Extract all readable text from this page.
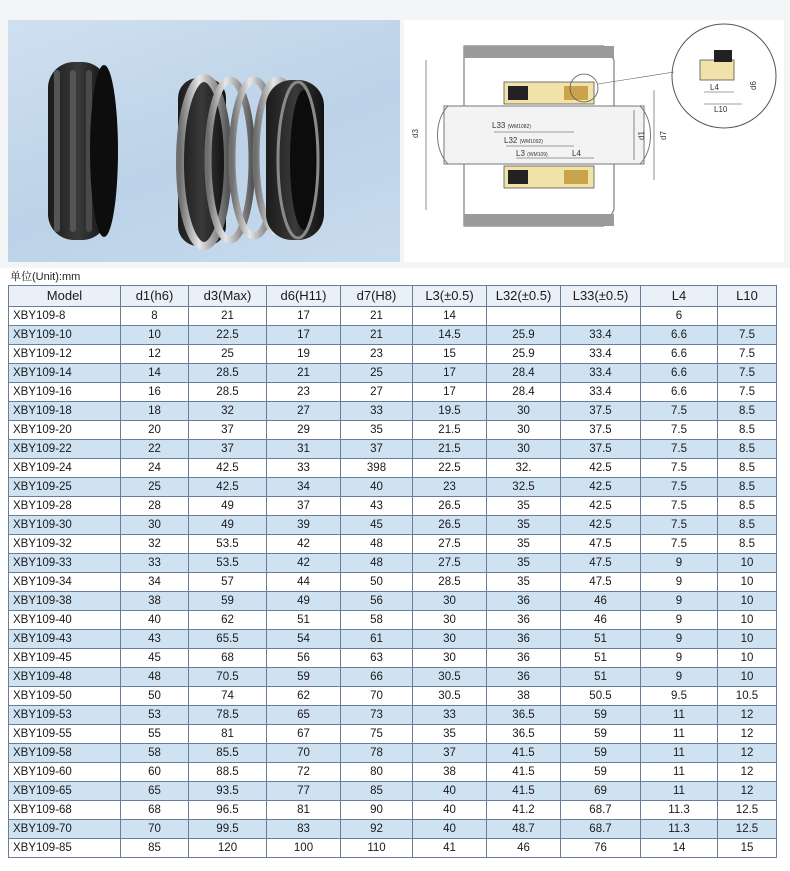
L33 (WM1082)
L32 (WM1092)
L3 (WM109)	L4
d3	d1 d7
L4
L10
d6
单位(Unit):mm
Model	d1(h6)	d3(Max)	d6(H11)	d7(H8)	L3(±0.5)	L32(±0.5)	L33(±0.5)	L4	L10
XBY109-8	8	21	17	21	14			6	
XBY109-10	10	22.5	17	21	14.5	25.9	33.4	6.6	7.5
XBY109-12	12	25	19	23	15	25.9	33.4	6.6	7.5
XBY109-14	14	28.5	21	25	17	28.4	33.4	6.6	7.5
XBY109-16	16	28.5	23	27	17	28.4	33.4	6.6	7.5
XBY109-18	18	32	27	33	19.5	30	37.5	7.5	8.5
XBY109-20	20	37	29	35	21.5	30	37.5	7.5	8.5
XBY109-22	22	37	31	37	21.5	30	37.5	7.5	8.5
XBY109-24	24	42.5	33	398	22.5	32.	42.5	7.5	8.5
XBY109-25	25	42.5	34	40	23	32.5	42.5	7.5	8.5
XBY109-28	28	49	37	43	26.5	35	42.5	7.5	8.5
XBY109-30	30	49	39	45	26.5	35	42.5	7.5	8.5
XBY109-32	32	53.5	42	48	27.5	35	47.5	7.5	8.5
XBY109-33	33	53.5	42	48	27.5	35	47.5	9	10
XBY109-34	34	57	44	50	28.5	35	47.5	9	10
XBY109-38	38	59	49	56	30	36	46	9	10
XBY109-40	40	62	51	58	30	36	46	9	10
XBY109-43	43	65.5	54	61	30	36	51	9	10
XBY109-45	45	68	56	63	30	36	51	9	10
XBY109-48	48	70.5	59	66	30.5	36	51	9	10
XBY109-50	50	74	62	70	30.5	38	50.5	9.5	10.5
XBY109-53	53	78.5	65	73	33	36.5	59	11	12
XBY109-55	55	81	67	75	35	36.5	59	11	12
XBY109-58	58	85.5	70	78	37	41.5	59	11	12
XBY109-60	60	88.5	72	80	38	41.5	59	11	12
XBY109-65	65	93.5	77	85	40	41.5	69	11	12
XBY109-68	68	96.5	81	90	40	41.2	68.7	11.3	12.5
XBY109-70	70	99.5	83	92	40	48.7	68.7	11.3	12.5
XBY109-85	85	120	100	110	41	46	76	14	15
